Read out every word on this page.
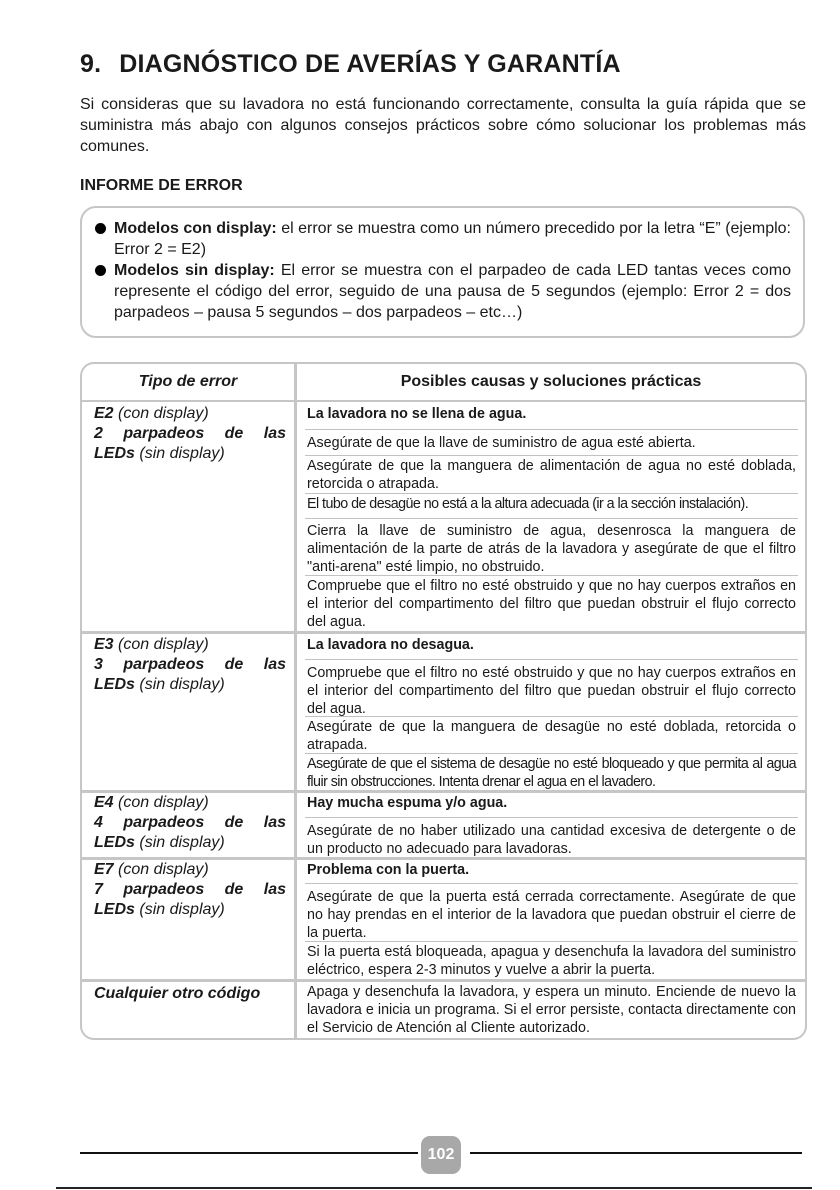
9. DIAGNÓSTICO DE AVERÍAS Y GARANTÍA

Si consideras que su lavadora no está funcionando correctamente, consulta la guía rápida que se suministra más abajo con algunos consejos prácticos sobre cómo solucionar los problemas más comunes.

INFORME DE ERROR
Modelos con display: el error se muestra como un número precedido por la letra “E” (ejemplo: Error 2 = E2)
Modelos sin display: El error se muestra con el parpadeo de cada LED tantas veces como represente el código del error, seguido de una pausa de 5 segundos (ejemplo: Error 2 = dos parpadeos – pausa 5 segundos – dos parpadeos – etc…)
Tipo de error	Posibles causas y soluciones prácticas
E2 (con display)
2 parpadeos de las
LEDs (sin display)
La lavadora no se llena de agua.
Asegúrate de que la llave de suministro de agua esté abierta.
Asegúrate de que la manguera de alimentación de agua no esté doblada, retorcida o atrapada.
El tubo de desagüe no está a la altura adecuada (ir a la sección instalación).
Cierra la llave de suministro de agua, desenrosca la manguera de alimentación de la parte de atrás de la lavadora y asegúrate de que el filtro "anti-arena" esté limpio, no obstruido.
Compruebe que el filtro no esté obstruido y que no hay cuerpos extraños en el interior del compartimento del filtro que puedan obstruir el flujo correcto del agua.
E3 (con display)
3 parpadeos de las
LEDs (sin display)
La lavadora no desagua.
Compruebe que el filtro no esté obstruido y que no hay cuerpos extraños en el interior del compartimento del filtro que puedan obstruir el flujo correcto del agua.
Asegúrate de que la manguera de desagüe no esté doblada, retorcida o atrapada.
Asegúrate de que el sistema de desagüe no esté bloqueado y que permita al agua fluir sin obstrucciones. Intenta drenar el agua en el lavadero.
E4 (con display)
4 parpadeos de las
LEDs (sin display)
Hay mucha espuma y/o agua.
Asegúrate de no haber utilizado una cantidad excesiva de detergente o de un producto no adecuado para lavadoras.
E7 (con display)
7 parpadeos de las
LEDs (sin display)
Problema con la puerta.
Asegúrate de que la puerta está cerrada correctamente. Asegúrate de que no hay prendas en el interior de la lavadora que puedan obstruir el cierre de la puerta.
Si la puerta está bloqueada, apagua y desenchufa la lavadora del suministro eléctrico, espera 2-3 minutos y vuelve a abrir la puerta.
Cualquier otro código	Apaga y desenchufa la lavadora, y espera un minuto. Enciende de nuevo la lavadora e inicia un programa. Si el error persiste, contacta directamente con el Servicio de Atención al Cliente autorizado.
102
